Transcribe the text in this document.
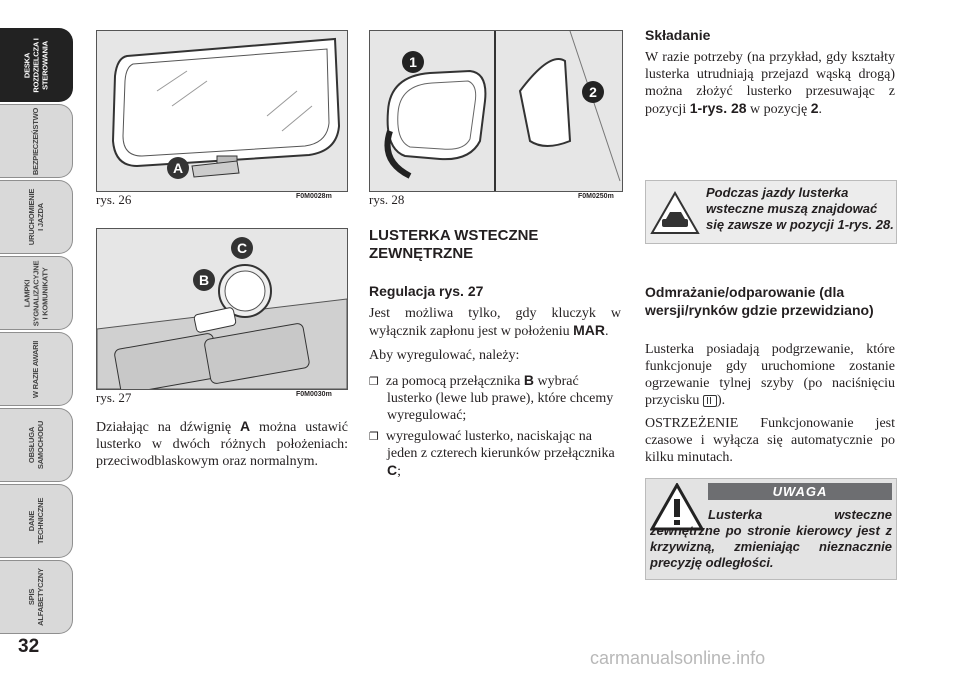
DESKA ROZDZIELCZA I STEROWANIA
BEZPIECZEŃSTWO
URUCHOMIENIE I JAZDA
LAMPKI SYGNALIZACYJNE I KOMUNIKATY
W RAZIE AWARII
OBSŁUGA SAMOCHODU
DANE TECHNICZNE
SPIS ALFABETYCZNY
32
A
rys. 26	F0M0028m
B
C
rys. 27	F0M0030m
1
2
rys. 28	F0M0250m

Działając na dźwignię A można ustawić lusterko w dwóch różnych położeniach: przeciwodblaskowym oraz normalnym.

LUSTERKA WSTECZNE ZEWNĘTRZNE
Regulacja rys. 27

Jest możliwa tylko, gdy kluczyk w wyłącznik zapłonu jest w położeniu MAR.

Aby wyregulować, należy:

❐ za pomocą przełącznika B wybrać lusterko (lewe lub prawe), które chcemy wyregulować;

❐ wyregulować lusterko, naciskając na jeden z czterech kierunków przełącznika C;

Składanie

W razie potrzeby (na przykład, gdy kształty lusterka utrudniają przejazd wąską drogą) można złożyć lusterko przesuwając z pozycji 1-rys. 28 w pozycję 2.

Podczas jazdy lusterka wsteczne muszą znajdować się zawsze w pozycji 1-rys. 28.
Odmrażanie/odparowanie (dla wersji/rynków gdzie przewidziano)

Lusterka posiadają podgrzewanie, które funkcjonuje gdy uruchomione zostanie ogrzewanie tylnej szyby (po naciśnięciu przycisku
).

OSTRZEŻENIE Funkcjonowanie jest czasowe i wyłącza się automatycznie po kilku minutach.

UWAGA
Lusterka wsteczne zewnętrzne po stronie kierowcy jest z krzywizną, zmieniając nieznacznie precyzję odległości.
carmanualsonline.info
